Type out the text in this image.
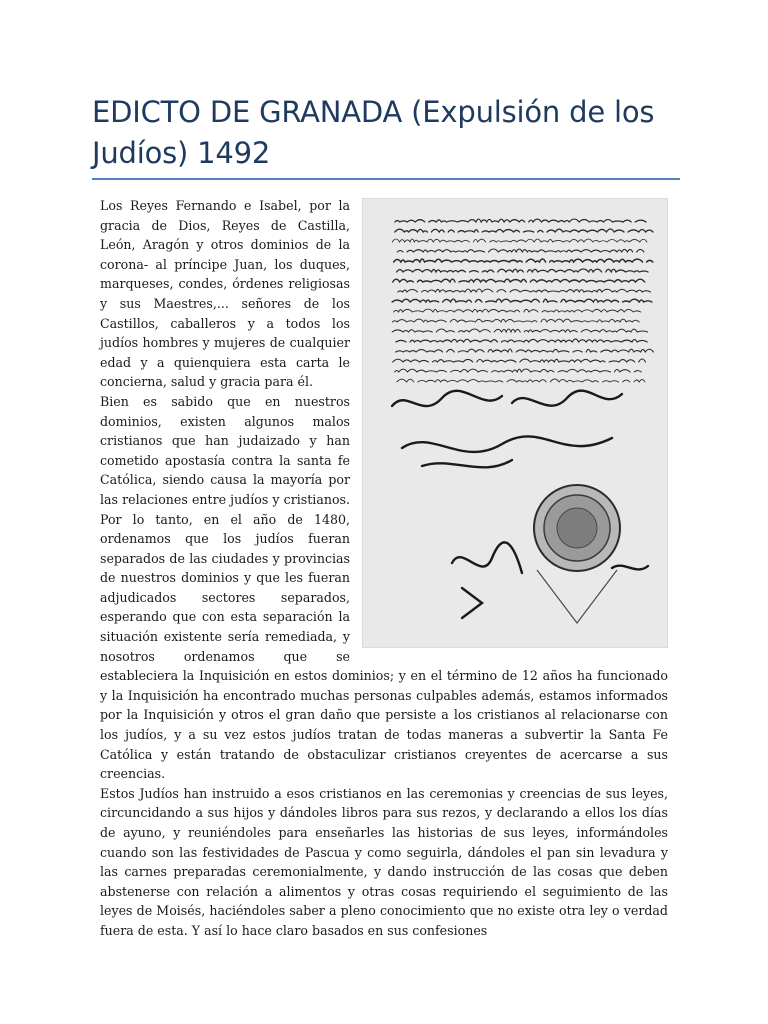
EDICTO DE GRANADA (Expulsión de los Judíos) 1492

Los Reyes Fernando e Isabel, por la gracia de Dios, Reyes de Castilla, León, Aragón y otros dominios de la corona- al príncipe Juan, los duques, marqueses, condes, órdenes religiosas y sus Maestres,... señores de los Castillos, caballeros y a todos los judíos hombres y mujeres de cualquier edad y a quienquiera esta carta le concierna, salud y gracia para él.

Bien es sabido que en nuestros dominios, existen algunos malos cristianos que han judaizado y han cometido apostasía contra la santa fe Católica, siendo causa la mayoría por las relaciones entre judíos y cristianos. Por lo tanto, en el año de 1480, ordenamos que los judíos fueran separados de las ciudades y provincias de nuestros dominios y que les fueran adjudicados sectores separados, esperando que con esta separación la situación existente sería remediada, y nosotros ordenamos que se estableciera la Inquisición en estos dominios; y en el término de 12 años ha funcionado y la Inquisición ha encontrado muchas personas culpables además, estamos informados por la Inquisición y otros el gran daño que persiste a los cristianos al relacionarse con los judíos, y a su vez estos judíos tratan de todas maneras a subvertir la Santa Fe Católica y están tratando de obstaculizar cristianos creyentes de acercarse a sus creencias.

Estos Judíos han instruido a esos cristianos en las ceremonias y creencias de sus leyes, circuncidando a sus hijos y dándoles libros para sus rezos, y declarando a ellos los días de ayuno, y reuniéndoles para enseñarles las historias de sus leyes, informándoles cuando son las festividades de Pascua y como seguirla, dándoles el pan sin levadura y las carnes preparadas ceremonialmente, y dando instrucción de las cosas que deben abstenerse con relación a alimentos y otras cosas requiriendo el seguimiento de las leyes de Moisés, haciéndoles saber a pleno conocimiento que no existe otra ley o verdad fuera de esta. Y así lo hace claro basados en sus confesiones
